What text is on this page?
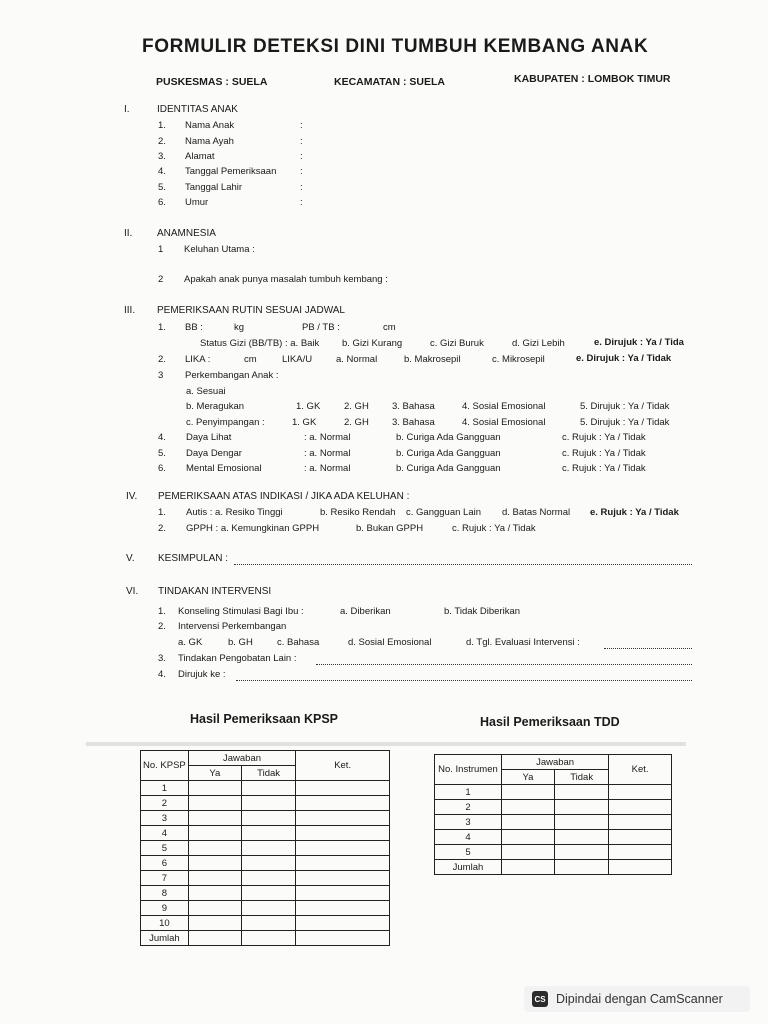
FORMULIR DETEKSI DINI TUMBUH KEMBANG ANAK
PUSKESMAS : SUELA	KECAMATAN : SUELA	KABUPATEN : LOMBOK TIMUR
I.	IDENTITAS ANAK
1. Nama Anak	:
2. Nama Ayah	:
3. Alamat	:
4. Tanggal Pemeriksaan :
5. Tanggal Lahir	:
6. Umur	:
II. ANAMNESIA
1 Keluhan Utama :
2 Apakah anak punya masalah tumbuh kembang :
III. PEMERIKSAAN RUTIN SESUAI JADWAL
1. BB :	kg	PB / TB :	cm
Status Gizi (BB/TB) : a. Baik b. Gizi Kurang	c. Gizi Buruk	d. Gizi Lebih	e. Dirujuk : Ya / Tida
2. LIKA :	cm	LIKA/U	a. Normal	b. Makrosepil	c. Mikrosepil	e. Dirujuk : Ya / Tidak
3 Perkembangan Anak :
a. Sesuai
b. Meragukan	1. GK 2. GH 3. Bahasa	4. Sosial Emosional	5. Dirujuk : Ya / Tidak
c. Penyimpangan :	1. GK	2. GH 3. Bahasa	4. Sosial Emosional	5. Dirujuk : Ya / Tidak
4. Daya Lihat	: a. Normal	b. Curiga Ada Gangguan	c. Rujuk : Ya / Tidak
5. Daya Dengar	: a. Normal	b. Curiga Ada Gangguan	c. Rujuk : Ya / Tidak
6. Mental Emosional	: a. Normal	b. Curiga Ada Gangguan	c. Rujuk : Ya / Tidak
IV. PEMERIKSAAN ATAS INDIKASI / JIKA ADA KELUHAN :
1. Autis : a. Resiko Tinggi	b. Resiko Rendah c. Gangguan Lain d. Batas Normal e. Rujuk : Ya / Tidak
2. GPPH : a. Kemungkinan GPPH	b. Bukan GPPH	c. Rujuk : Ya / Tidak
V. KESIMPULAN :
VI. TINDAKAN INTERVENSI
1. Konseling Stimulasi Bagi Ibu :	a. Diberikan	b. Tidak Diberikan
2. Intervensi Perkembangan
a. GK	b. GH	c. Bahasa	d. Sosial Emosional	d. Tgl. Evaluasi Intervensi :
3. Tindakan Pengobatan Lain :
4. Dirujuk ke :
Hasil Pemeriksaan KPSP	Hasil Pemeriksaan TDD
No. KPSP	Jawaban		Ket.
	Ya	Tidak	
1			
2			
3			
4			
5			
6			
7			
8			
9			
10			
Jumlah			
No. Instrumen	Jawaban		Ket.
	Ya	Tidak	
1			
2			
3			
4			
5			
Jumlah			
CS Dipindai dengan CamScanner
